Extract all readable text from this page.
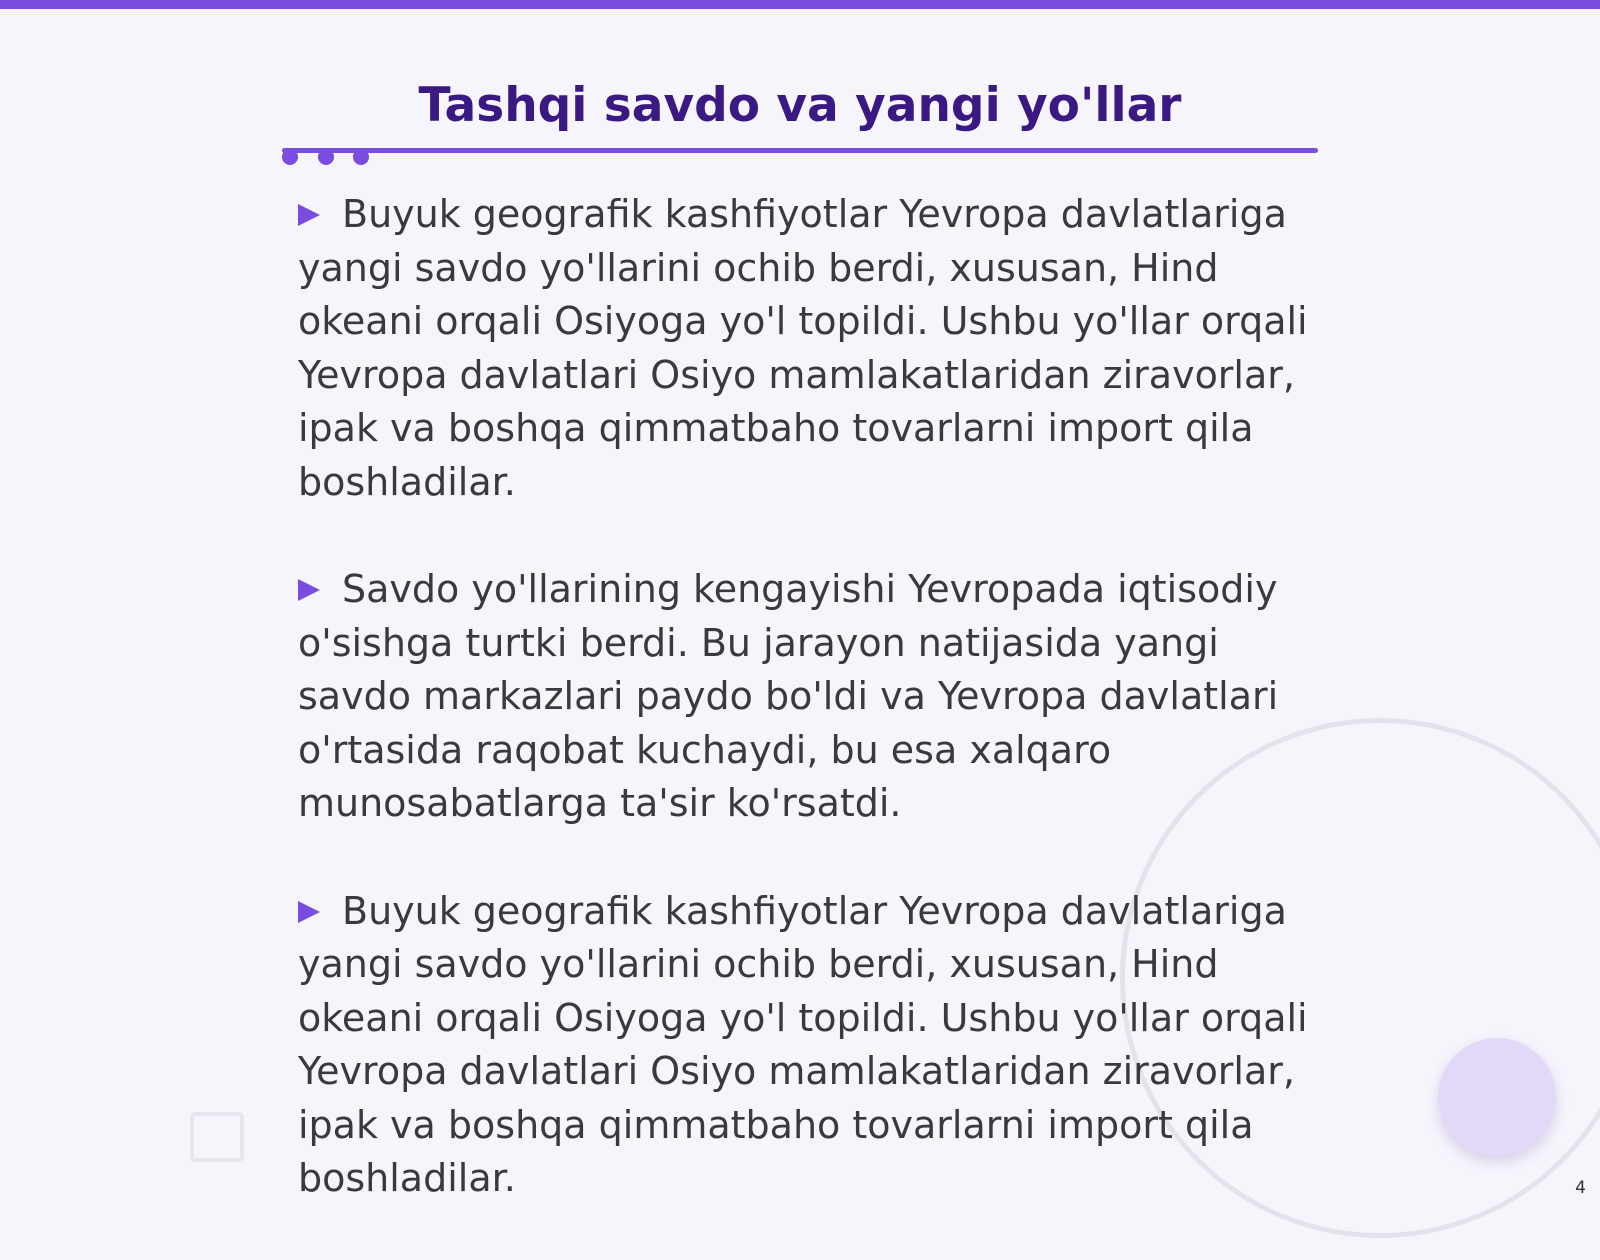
Tashqi savdo va yangi yo'llar

Buyuk geografik kashfiyotlar Yevropa davlatlariga yangi savdo yo'llarini ochib berdi, xususan, Hind okeani orqali Osiyoga yo'l topildi. Ushbu yo'llar orqali Yevropa davlatlari Osiyo mamlakatlaridan ziravorlar, ipak va boshqa qimmatbaho tovarlarni import qila boshladilar.

Savdo yo'llarining kengayishi Yevropada iqtisodiy o'sishga turtki berdi. Bu jarayon natijasida yangi savdo markazlari paydo bo'ldi va Yevropa davlatlari o'rtasida raqobat kuchaydi, bu esa xalqaro munosabatlarga ta'sir ko'rsatdi.

Buyuk geografik kashfiyotlar Yevropa davlatlariga yangi savdo yo'llarini ochib berdi, xususan, Hind okeani orqali Osiyoga yo'l topildi. Ushbu yo'llar orqali Yevropa davlatlari Osiyo mamlakatlaridan ziravorlar, ipak va boshqa qimmatbaho tovarlarni import qila boshladilar.	4
